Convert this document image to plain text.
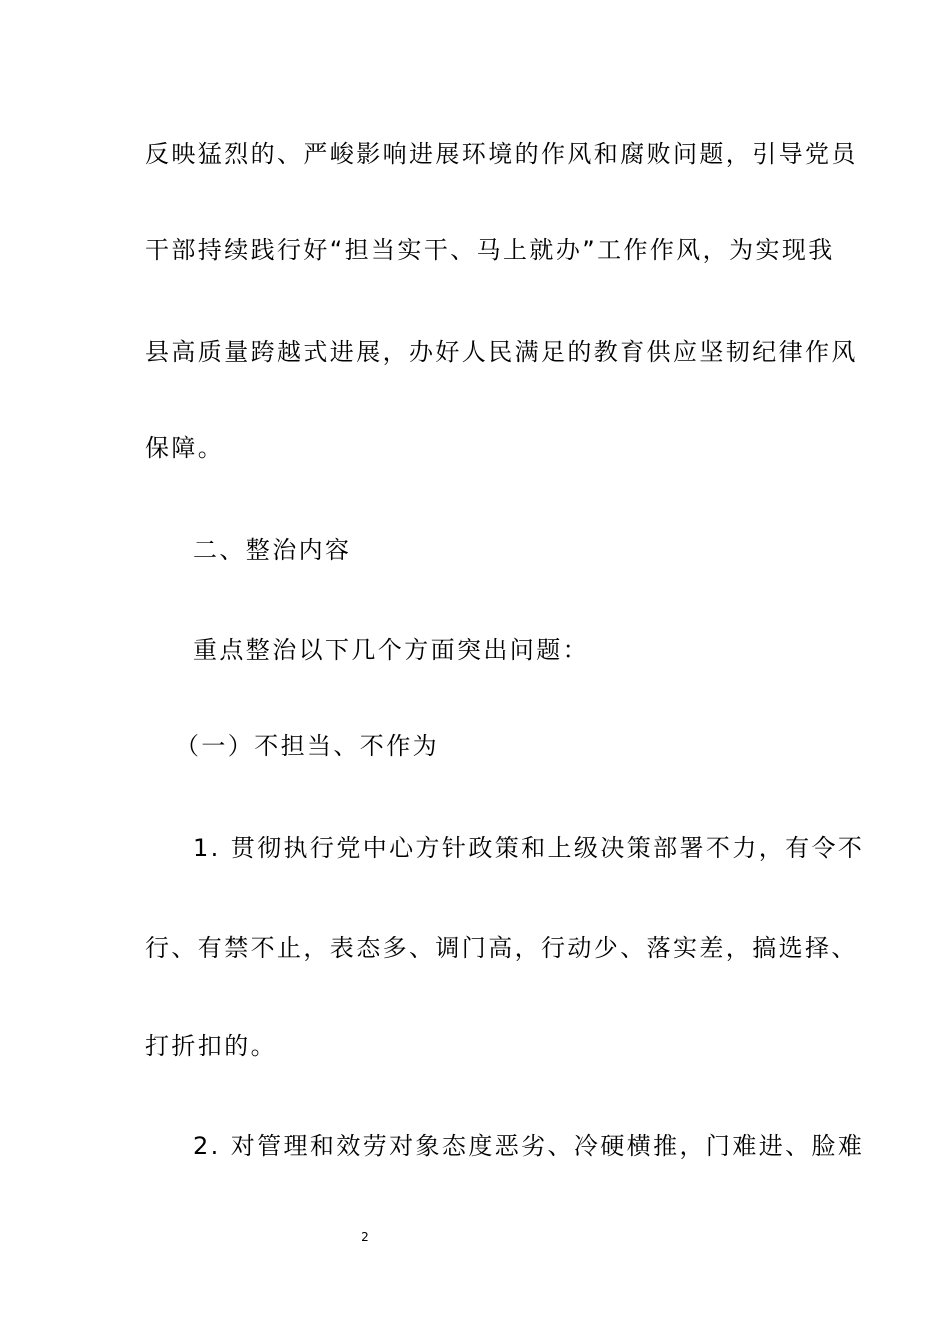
反映猛烈的、严峻影响进展环境的作风和腐败问题，引导党员
干部持续践行好“担当实干、马上就办”工作作风，为实现我
县高质量跨越式进展，办好人民满足的教育供应坚韧纪律作风
保障。
二、整治内容
重点整治以下几个方面突出问题：
（一）不担当、不作为
1. 贯彻执行党中心方针政策和上级决策部署不力，有令不
行、有禁不止，表态多、调门高，行动少、落实差，搞选择、
打折扣的。
2. 对管理和效劳对象态度恶劣、冷硬横推，门难进、脸难
2
